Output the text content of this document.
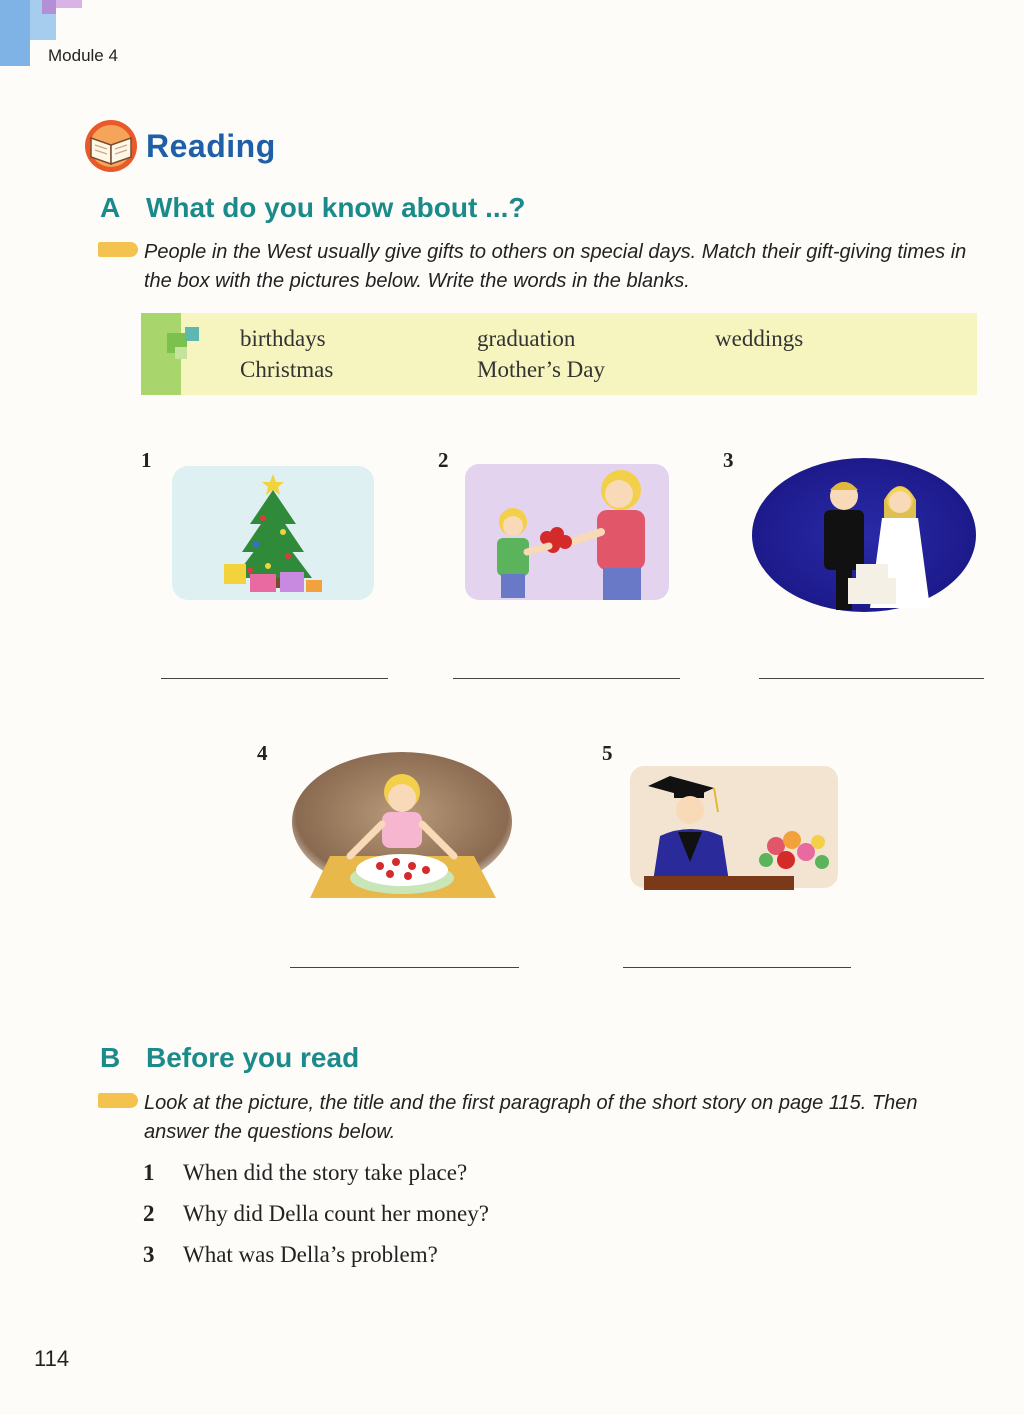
Module 4
Reading
A What do you know about ...?
People in the West usually give gifts to others on special days. Match their gift-giving times in the box with the pictures below. Write the words in the blanks.
birthdays	graduation	weddings
Christmas	Mother’s Day
1	2	3
4	5
B Before you read
Look at the picture, the title and the first paragraph of the short story on page 115. Then answer the questions below.
1	When did the story take place?
2	Why did Della count her money?
3	What was Della’s problem?
114
